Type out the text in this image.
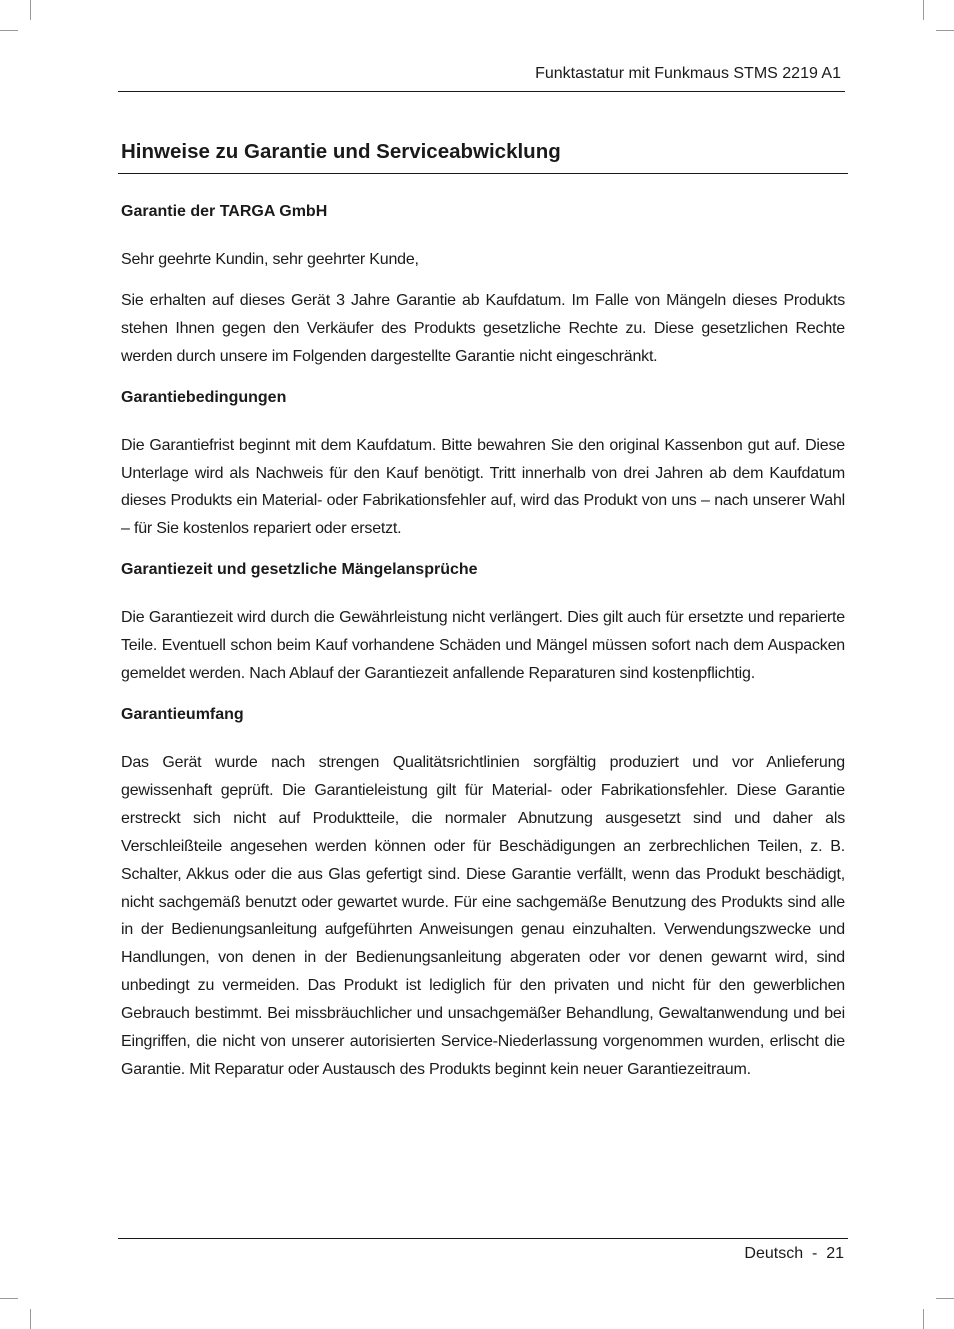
Funktastatur mit Funkmaus STMS 2219 A1
Hinweise zu Garantie und Serviceabwicklung
Garantie der TARGA GmbH

Sehr geehrte Kundin, sehr geehrter Kunde,

Sie erhalten auf dieses Gerät 3 Jahre Garantie ab Kaufdatum. Im Falle von Mängeln dieses Produkts stehen Ihnen gegen den Verkäufer des Produkts gesetzliche Rechte zu. Diese gesetzlichen Rechte werden durch unsere im Folgenden dargestellte Garantie nicht eingeschränkt.

Garantiebedingungen

Die Garantiefrist beginnt mit dem Kaufdatum. Bitte bewahren Sie den original Kassenbon gut auf. Diese Unterlage wird als Nachweis für den Kauf benötigt. Tritt innerhalb von drei Jahren ab dem Kaufdatum dieses Produkts ein Material- oder Fabrikationsfehler auf, wird das Produkt von uns – nach unserer Wahl – für Sie kostenlos repariert oder ersetzt.

Garantiezeit und gesetzliche Mängelansprüche

Die Garantiezeit wird durch die Gewährleistung nicht verlängert. Dies gilt auch für ersetzte und reparierte Teile. Eventuell schon beim Kauf vorhandene Schäden und Mängel müssen sofort nach dem Auspacken gemeldet werden. Nach Ablauf der Garantiezeit anfallende Reparaturen sind kostenpflichtig.

Garantieumfang

Das Gerät wurde nach strengen Qualitätsrichtlinien sorgfältig produziert und vor Anlieferung gewissenhaft geprüft. Die Garantieleistung gilt für Material- oder Fabrikationsfehler. Diese Garantie erstreckt sich nicht auf Produktteile, die normaler Abnutzung ausgesetzt sind und daher als Verschleißteile angesehen werden können oder für Beschädigungen an zerbrechlichen Teilen, z. B. Schalter, Akkus oder die aus Glas gefertigt sind. Diese Garantie verfällt, wenn das Produkt beschädigt, nicht sachgemäß benutzt oder gewartet wurde. Für eine sachgemäße Benutzung des Produkts sind alle in der Bedienungsanleitung aufgeführten Anweisungen genau einzuhalten. Verwendungszwecke und Handlungen, von denen in der Bedienungsanleitung abgeraten oder vor denen gewarnt wird, sind unbedingt zu vermeiden. Das Produkt ist lediglich für den privaten und nicht für den gewerblichen Gebrauch bestimmt. Bei missbräuchlicher und unsachgemäßer Behandlung, Gewaltanwendung und bei Eingriffen, die nicht von unserer autorisierten Service-Niederlassung vorgenommen wurden, erlischt die Garantie. Mit Reparatur oder Austausch des Produkts beginnt kein neuer Garantiezeitraum.

Deutsch  -  21
